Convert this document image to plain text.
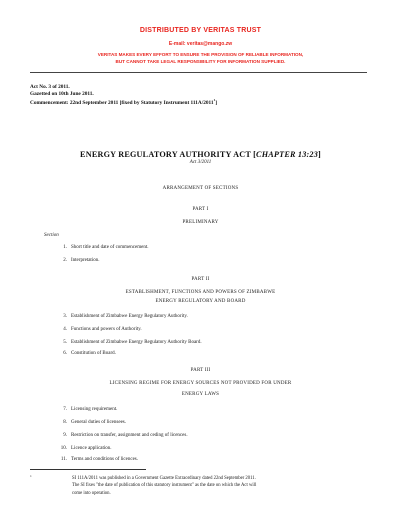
DISTRIBUTED BY VERITAS TRUST
E-mail: veritas@mango.zw
VERITAS MAKES EVERY EFFORT TO ENSURE THE PROVISION OF RELIABLE INFORMATION,
BUT CANNOT TAKE LEGAL RESPONSIBILITY FOR INFORMATION SUPPLIED.
Act No. 3 of 2011.
Gazetted on 10th June 2011.
Commencement: 22nd September 2011 [fixed by Statutory Instrument 111A/2011$^1$]
ENERGY REGULATORY AUTHORITY ACT [CHAPTER 13:23]
Act 3/2011
ARRANGEMENT OF SECTIONS
PART I
PRELIMINARY
Section
1. Short title and date of commencement.
2. Interpretation.
PART II
ESTABLISHMENT, FUNCTIONS AND POWERS OF ZIMBABWE
ENERGY REGULATORY AND BOARD
3. Establishment of Zimbabwe Energy Regulatory Authority.
4. Functions and powers of Authority.
5. Establishment of Zimbabwe Energy Regulatory Authority Board.
6. Constitution of Board.
PART III
LICENSING REGIME FOR ENERGY SOURCES NOT PROVIDED FOR UNDER
ENERGY LAWS
7. Licensing requirement.
8. General duties of licensees.
9. Restriction on transfer, assignment and ceding of licences.
10. Licence application.
11. Terms and conditions of licences.
1	SI 111A/2011 was published in a Government Gazette Extraordinary dated 22nd September 2011.
The SI fixes "the date of publication of this statutory instrument" as the date on which the Act will
come into operation.
